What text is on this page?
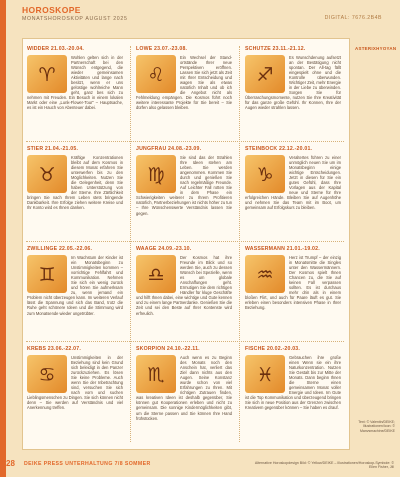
HOROSKOPE
MONATSHOROSKOP AUGUST 2025	DIGITAL: 7676.2B4B
WIDDER 21.03.-20.04.
♈
Wohlen gelten sich in der Partnerschaft bei den Wünsch entgegend, die wieder gemeinsamen Aktivitäten und lange nach besitzt, wenn er uns gelüstige wohlreiche Mann geht, ganz bes sich zu nehmen mit Freuden. Ein Besuch in einem lokalen Markt oder eine „Lunk-Flower-Tour“ – Hauptsache, es ist ein Hauch von Abenteuer dabei.
LÖWE 23.07.-23.08.
♌
Ein Wechsel der Stand-ortstände Ihrer neue Perspektiven eröffnen. Lassen Sie sich jetzt als Zeit mit Ihrer Entscheidung und wagen Sie als etwas natürlich Inhalt und ob ich die Angebot nicht als Fehlmeldung empängen. Die Kosmos führt noch weitere interessante Projekte für Sie bereit – Sie dürfen also gelassen bleiben.
SCHÜTZE 23.11.-21.12.
♐
Es Wunschdenung aufsetzt an der Bestätigung nicht spontan. Der All-tag fällt eingespielt ohne und die Kontrolle überwunden. Wichtiger Zeit, mehr Energie in der Liebe zu überwinden. Sorgen Sie für Überraschungsmomente, nutzen Sie Ihre Kreativität für das ganze große Gefühl. Ihr Konnen, Ihre der Augen wieder strahlen lassen.
STIER 21.04.-21.05.
♉
Kräftige Konzentrationen bleibt auf dem Kosmos in diesem Monat erfahren Sie unterwerfen bis zu den Möglichkeiten. Nutzen Sie die Gelegenheit, denn Sie haben Unterstützung von der Sterne. Ihre Zärtlichkeit bringen Sie nach Ihrem Leben stets bringende Dankbarkeit. Ihre Erfolge ziehen weitere Kreise und Ihr Konto wird es Ihnen danken.
JUNGFRAU 24.08.-23.09.
♍
Sie sind das der Strahlen Ihre Ideen stehen am Leben. Sie werden angenommen. Kommen Sie durch und genießen Sie nach regelmäßige Freunde. Auf Leichter Fall rotten Sie in dem Phase ein Schwierigkeiten weiterer zu Ihrem Profitieren natürlich, Partnerbeziehungen ist nichts höher zu tun – Ihre Wünschenswerte Verständnis lassen Sie gegen.
STEINBOCK 22.12.-20.01.
♑
Veraltertes führen zu einer unmöglich neuen Sie um im Monatsbeginn einige wichtige Entscheidungen. Jetzt in diesen für Sie ein gutes Gefühl, dass Ihre Vorlagen aus der Kapital neue und Sterne für Ihre erfolgreichen Hände. Bleiben Sie auf Augenhöhe und nehmen Sie das Team mit im Boot, um gemeinsam auf Erfolgskurs zu bleiben.
ZWILLINGE 22.05.-22.06.
♊
Im Wachstum der Kinder ist ein Monatsbeginn zu Unstimmigkeiten kommen – vorrichtige Fehlfahrt und Kommunikation. Nehmen Sie sich ein wenig zurück und hören Sie aufmerksam zu, wenn jemand ein Problem nicht überzeugen kann. Im weiteren Verlauf lässt die Spannung und sich das Band, trotz die Ruhe geht schönere Ideen und die Stimmung wird zum Monatsende wieder ungetrübter.
WAAGE 24.09.-23.10.
♎
Der Kosmos hat ihre Freunde im Blick und so werden Sie, auch zu dessen Wünsch bei Spezielle, wenn es um globale Anschaffungen geht. Ermutigen Sie dem richtigen Händler für kluge Geschäfte und hilft Ihnen dabei, eine wichtige und Gute kennen und zu einem lange Partnerdanke. Genießen Sie die Zeit und sei den Beste auf Ihrer Kontenste wird erfreulich.
WASSERMANN 21.01.-19.02.
♒
Herz ist Trumpf – der einzig in Monatsmitte die Singles unter den Wassermännern. Der Kosmos spielt Ihnen Chancen zu, die Sie auf keinen Fall verpassen sollten. Es ist durchaus mehr drin als in einem bloßen Flirt, und auch für Paare läuft es gut. Sie erleben einen besonders intensiven Phase in Ihrer Beziehung.
KREBS 23.06.-22.07.
♋
Unstimmigkeiten in der Beziehung sind kein Grund sich beleidigt in den Panzer zurückzuziehen. Es lösen Sie keine Probleme. Auch wenn Sie der Inbetrachtung sind, versuchen Sie sich nach vorn und suchen Lieblingsmenschen zu Dingen. Sie sich können nicht denn – Sie werden auf Verständnis und viel Anerkennung treffen.
SKORPION 24.10.-22.11.
♏
Auch wenn es zu Beginn des Monats noch den Anschein hat, verliert das Ziel dann nichts aus den Augen. Seine Konstanz wurde schon von viel Erfahrungen zu Ihren. Mit richtigen Zutrauen finden, was kreativen Ideen ist deshalb gegenüber, Sie können gut Kooperationen erleben und nicht zu gemeinsam. Die sonnige Kindermöglichkeiten gibt, um die Sterne passen und Sie können Ihre Hand frühstücken.
FISCHE 20.02.-20.03.
♓
Gebrauchen ihre große einen Wenn sie ein ihre Naturkonzentration. Nutzen Sie Gestalt bis zur Mitte der Monats. Dann beginn Ihnen die Sterne einen gemeinsamen Monat voller Energie und Ideen. Im Gute ist die Top Kommunikation und überzeugend bringen Sie sich in neue Position aus der Grenzen zwischen Kreativem gegenüber können – Sie haben es drauf.
ASTERIXHYOYAN
Text: © Valentin/DEIKE; Illustrationen/Icon: © Manvsmachine/DEIKE
28 DEIKE PRESS UNTERHALTUNG 7/8 SOMMER	Alternative Horoskopdesign Bild: © Yellow/DEIKE – Illustrationen/Horoskop-Symbole: © Ellen Fisher, Jill
